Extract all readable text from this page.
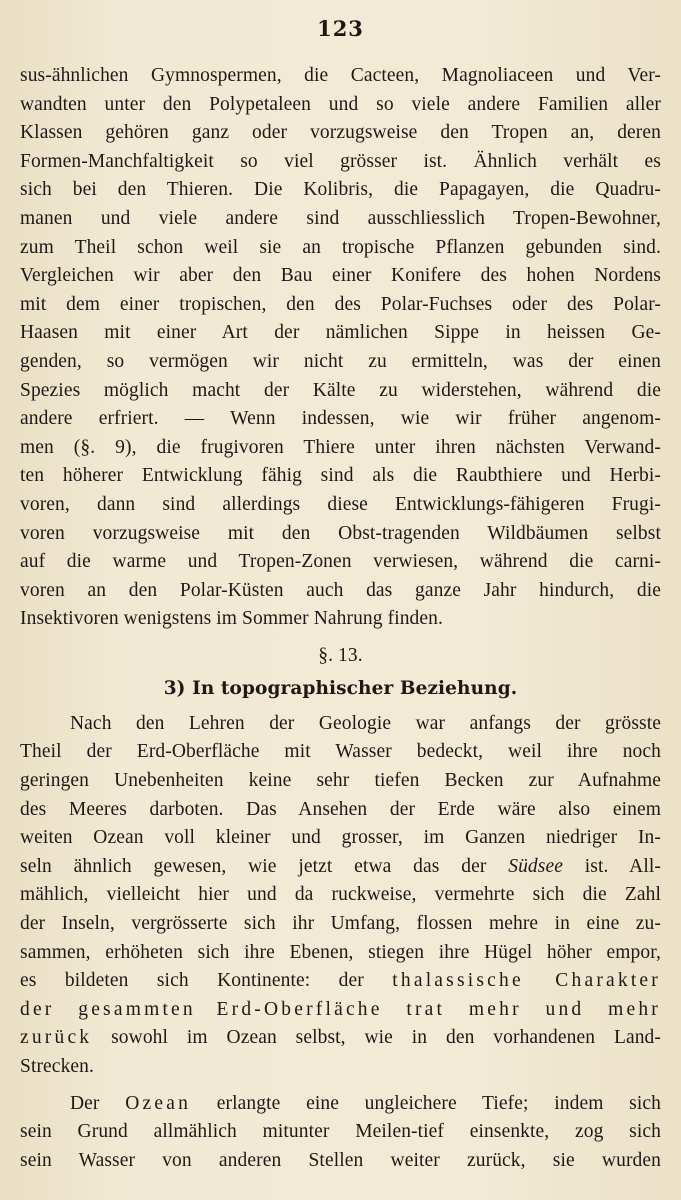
123
sus-ähnlichen Gymnospermen, die Cacteen, Magnoliaceen und Ver-
wandten unter den Polypetaleen und so viele andere Familien aller
Klassen gehören ganz oder vorzugsweise den Tropen an, deren
Formen-Manchfaltigkeit so viel grösser ist. Ähnlich verhält es
sich bei den Thieren. Die Kolibris, die Papagayen, die Quadru-
manen und viele andere sind ausschliesslich Tropen-Bewohner,
zum Theil schon weil sie an tropische Pflanzen gebunden sind.
Vergleichen wir aber den Bau einer Konifere des hohen Nordens
mit dem einer tropischen, den des Polar-Fuchses oder des Polar-
Haasen mit einer Art der nämlichen Sippe in heissen Ge-
genden, so vermögen wir nicht zu ermitteln, was der einen
Spezies möglich macht der Kälte zu widerstehen, während die
andere erfriert. — Wenn indessen, wie wir früher angenom-
men (§. 9), die frugivoren Thiere unter ihren nächsten Verwand-
ten höherer Entwicklung fähig sind als die Raubthiere und Herbi-
voren, dann sind allerdings diese Entwicklungs-fähigeren Frugi-
voren vorzugsweise mit den Obst-tragenden Wildbäumen selbst
auf die warme und Tropen-Zonen verwiesen, während die carni-
voren an den Polar-Küsten auch das ganze Jahr hindurch, die
Insektivoren wenigstens im Sommer Nahrung finden.
§. 13.
3) In topographischer Beziehung.
Nach den Lehren der Geologie war anfangs der grösste
Theil der Erd-Oberfläche mit Wasser bedeckt, weil ihre noch
geringen Unebenheiten keine sehr tiefen Becken zur Aufnahme
des Meeres darboten. Das Ansehen der Erde wäre also einem
weiten Ozean voll kleiner und grosser, im Ganzen niedriger In-
seln ähnlich gewesen, wie jetzt etwa das der Südsee ist. All-
mählich, vielleicht hier und da ruckweise, vermehrte sich die Zahl
der Inseln, vergrösserte sich ihr Umfang, flossen mehre in eine zu-
sammen, erhöheten sich ihre Ebenen, stiegen ihre Hügel höher empor,
es bildeten sich Kontinente: der thalassische Charakter
der gesammten Erd-Oberfläche trat mehr und mehr
zurück sowohl im Ozean selbst, wie in den vorhandenen Land-
Strecken.
Der Ozean erlangte eine ungleichere Tiefe; indem sich
sein Grund allmählich mitunter Meilen-tief einsenkte, zog sich
sein Wasser von anderen Stellen weiter zurück, sie wurden
